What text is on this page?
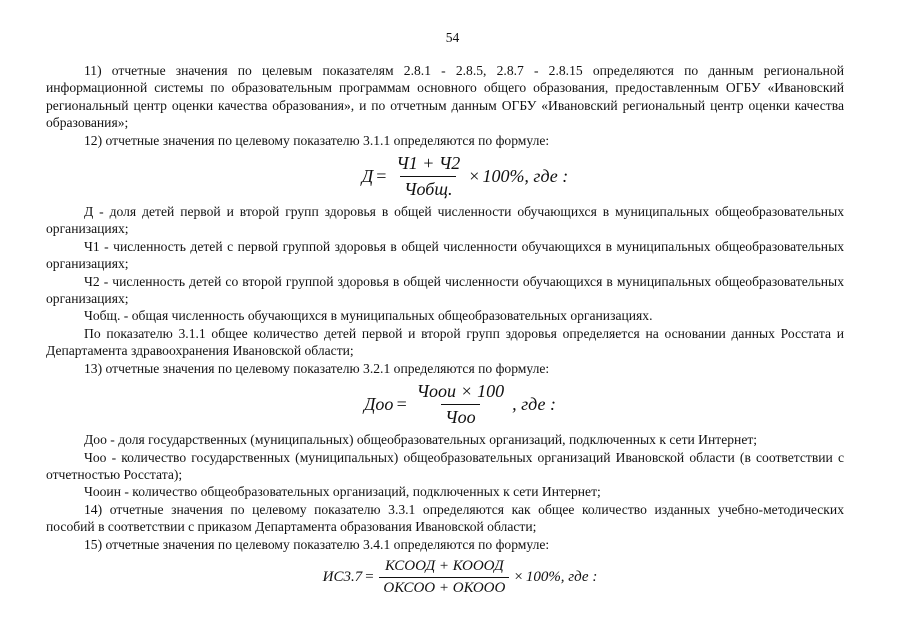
54

11) отчетные значения по целевым показателям 2.8.1 - 2.8.5, 2.8.7 - 2.8.15 определяются по данным региональной информационной системы по образовательным программам основного общего образования, предоставленным ОГБУ «Ивановский региональный центр оценки качества образования», и по отчетным данным ОГБУ «Ивановский региональный центр оценки качества образования»;

12) отчетные значения по целевому показателю 3.1.1 определяются по формуле:

$Д = \frac{Ч1 + Ч2}{\text{Чобщ.}} \times 100\%$, где :

Д - доля детей первой и второй групп здоровья в общей численности обучающихся в муниципальных общеобразовательных организациях;

Ч1 - численность детей с первой группой здоровья в общей численности обучающихся в муниципальных общеобразовательных организациях;

Ч2 - численность детей со второй группой здоровья в общей численности обучающихся в муниципальных общеобразовательных организациях;

Чобщ. - общая численность обучающихся в муниципальных общеобразовательных организациях.

По показателю 3.1.1 общее количество детей первой и второй групп здоровья определяется на основании данных Росстата и Департамента здравоохранения Ивановской области;

13) отчетные значения по целевому показателю 3.2.1 определяются по формуле:

Доо = $\frac{\text{Чоои × 100}}{\text{Чоо}}$ , где :

Доо - доля государственных (муниципальных) общеобразовательных организаций, подключенных к сети Интернет;

Чоо - количество государственных (муниципальных) общеобразовательных организаций Ивановской области (в соответствии с отчетностью Росстата);

Чооин - количество общеобразовательных организаций, подключенных к сети Интернет;

14) отчетные значения по целевому показателю 3.3.1 определяются как общее количество изданных учебно-методических пособий в соответствии с приказом Департамента образования Ивановской области;

15) отчетные значения по целевому показателю 3.4.1 определяются по формуле:

$ИС3.7 = \frac{\text{КСООД + КОООД}}{\text{ОКСОО + ОКООО}} \times 100\%$, где :
